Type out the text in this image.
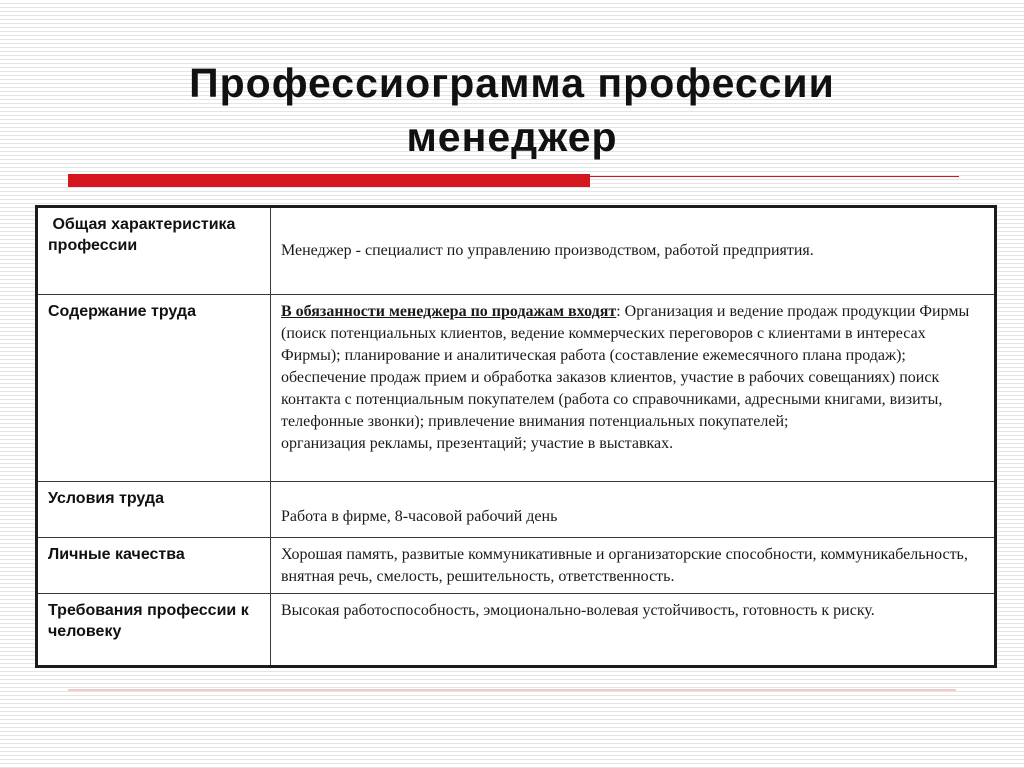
Профессиограмма профессии
менеджер
Общая характеристика профессии	Менеджер - специалист по управлению производством, работой предприятия.

Содержание труда	В обязанности менеджера по продажам входят: Организация и ведение продаж продукции Фирмы (поиск потенциальных клиентов, ведение коммерческих переговоров с клиентами в интересах Фирмы); планирование и аналитическая работа (составление ежемесячного плана продаж); обеспечение продаж прием и обработка заказов клиентов, участие в рабочих совещаниях) поиск контакта с потенциальным покупателем (работа со справочниками, адресными книгами, визиты, телефонные звонки); привлечение внимания потенциальных покупателей;
организация рекламы, презентаций; участие в выставках.

Условия труда	Работа в фирме, 8-часовой рабочий день

Личные качества	Хорошая память, развитые коммуникативные и организаторские способности, коммуникабельность, внятная речь, смелость, решительность, ответственность.

Требования профессии к человеку	Высокая работоспособность, эмоционально-волевая устойчивость, готовность к риску.
